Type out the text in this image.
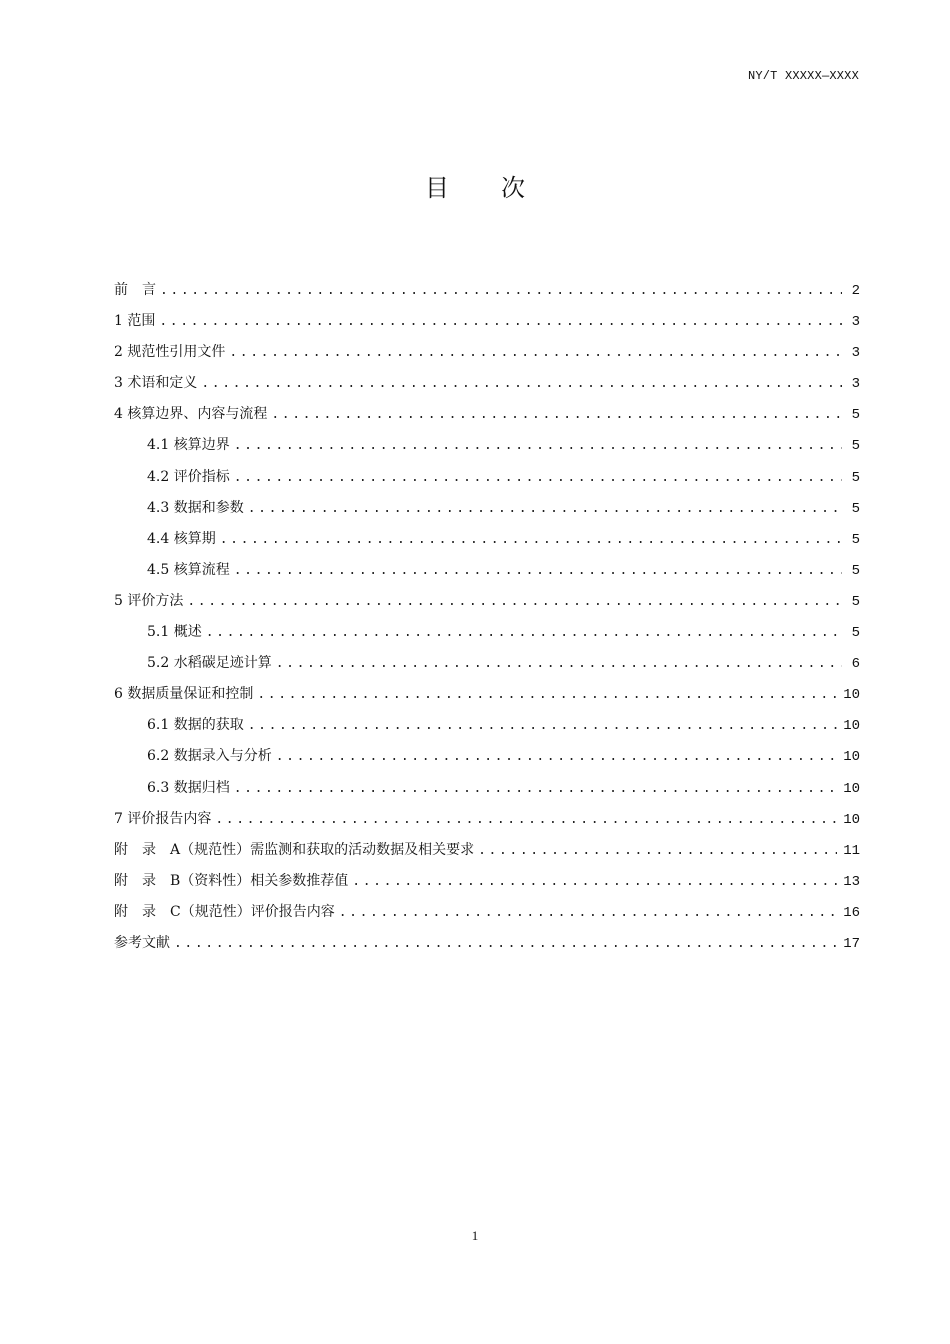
NY/T XXXXX—XXXX
目 次
前　言 .....	2
1 范围 .....	3
2 规范性引用文件 .....	3
3 术语和定义 .....	3
4 核算边界、内容与流程 .....	5
4.1 核算边界 .....	5
4.2 评价指标 .....	5
4.3 数据和参数 .....	5
4.4 核算期 .....	5
4.5 核算流程 .....	5
5 评价方法 .....	5
5.1 概述 .....	5
5.2 水稻碳足迹计算 .....	6
6 数据质量保证和控制 .....	10
6.1 数据的获取 .....	10
6.2 数据录入与分析 .....	10
6.3 数据归档 .....	10
7 评价报告内容 .....	10
附　录　A（规范性）需监测和获取的活动数据及相关要求 .....	11
附　录　B（资料性）相关参数推荐值 .....	13
附　录　C（规范性）评价报告内容 .....	16
参考文献 .....	17
1
